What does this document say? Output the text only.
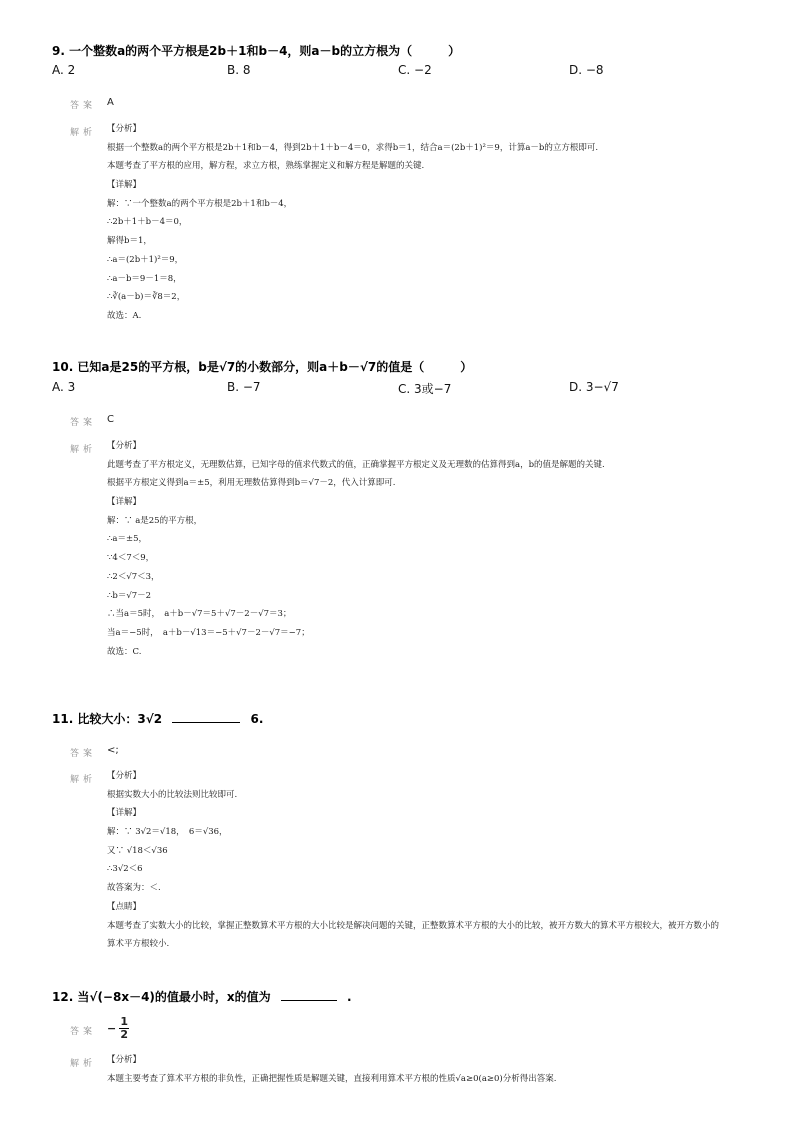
9. 一个整数a的两个平方根是2b＋1和b－4，则a－b的立方根为（　　　）
A. 2	B. 8	C. −2	D. −8
答案 A
解析 【分析】
根据一个整数a的两个平方根是2b＋1和b－4，得到2b＋1＋b－4＝0，求得b＝1，结合a＝(2b＋1)²＝9，计算a－b的立方根即可.
本题考查了平方根的应用，解方程，求立方根，熟练掌握定义和解方程是解题的关键.
【详解】
解：∵一个整数a的两个平方根是2b＋1和b－4，
∴2b＋1＋b－4＝0，
解得b＝1，
∴a＝(2b＋1)²＝9，
∴a－b＝9－1＝8，
∴∛(a－b)＝∛8＝2，
故选：A.
10. 已知a是25的平方根，b是√7的小数部分，则a＋b－√7的值是（　　　）
A. 3	B. −7	C. 3或−7	D. 3−√7
答案 C
解析 【分析】
此题考查了平方根定义，无理数估算，已知字母的值求代数式的值，正确掌握平方根定义及无理数的估算得到a，b的值是解题的关键.
根据平方根定义得到a＝±5，利用无理数估算得到b＝√7－2，代入计算即可.
【详解】
解：∵ a是25的平方根，
∴a＝±5，
∵4＜7＜9，
∴2＜√7＜3，
∴b＝√7－2
∴当a＝5时，　a＋b－√7＝5＋√7－2－√7＝3；
当a＝−5时，　a＋b－√13＝−5＋√7－2－√7＝−7；
故选：C.
11. 比较大小：3√2	6.
答案 <;
解析 【分析】
根据实数大小的比较法则比较即可.
【详解】
解：∵ 3√2＝√18，　6＝√36，
又∵ √18＜√36
∴3√2＜6
故答案为：＜.
【点睛】
本题考查了实数大小的比较，掌握正整数算术平方根的大小比较是解决问题的关键，正整数算术平方根的大小的比较，被开方数大的算术平方根较大，被开方数小的算术平方根较小.
12. 当√(−8x－4)的值最小时，x的值为	.
答案 − $\frac{1}{2}$
解析 【分析】
本题主要考查了算术平方根的非负性，正确把握性质是解题关键，直接利用算术平方根的性质√a≥0(a≥0)分析得出答案.
